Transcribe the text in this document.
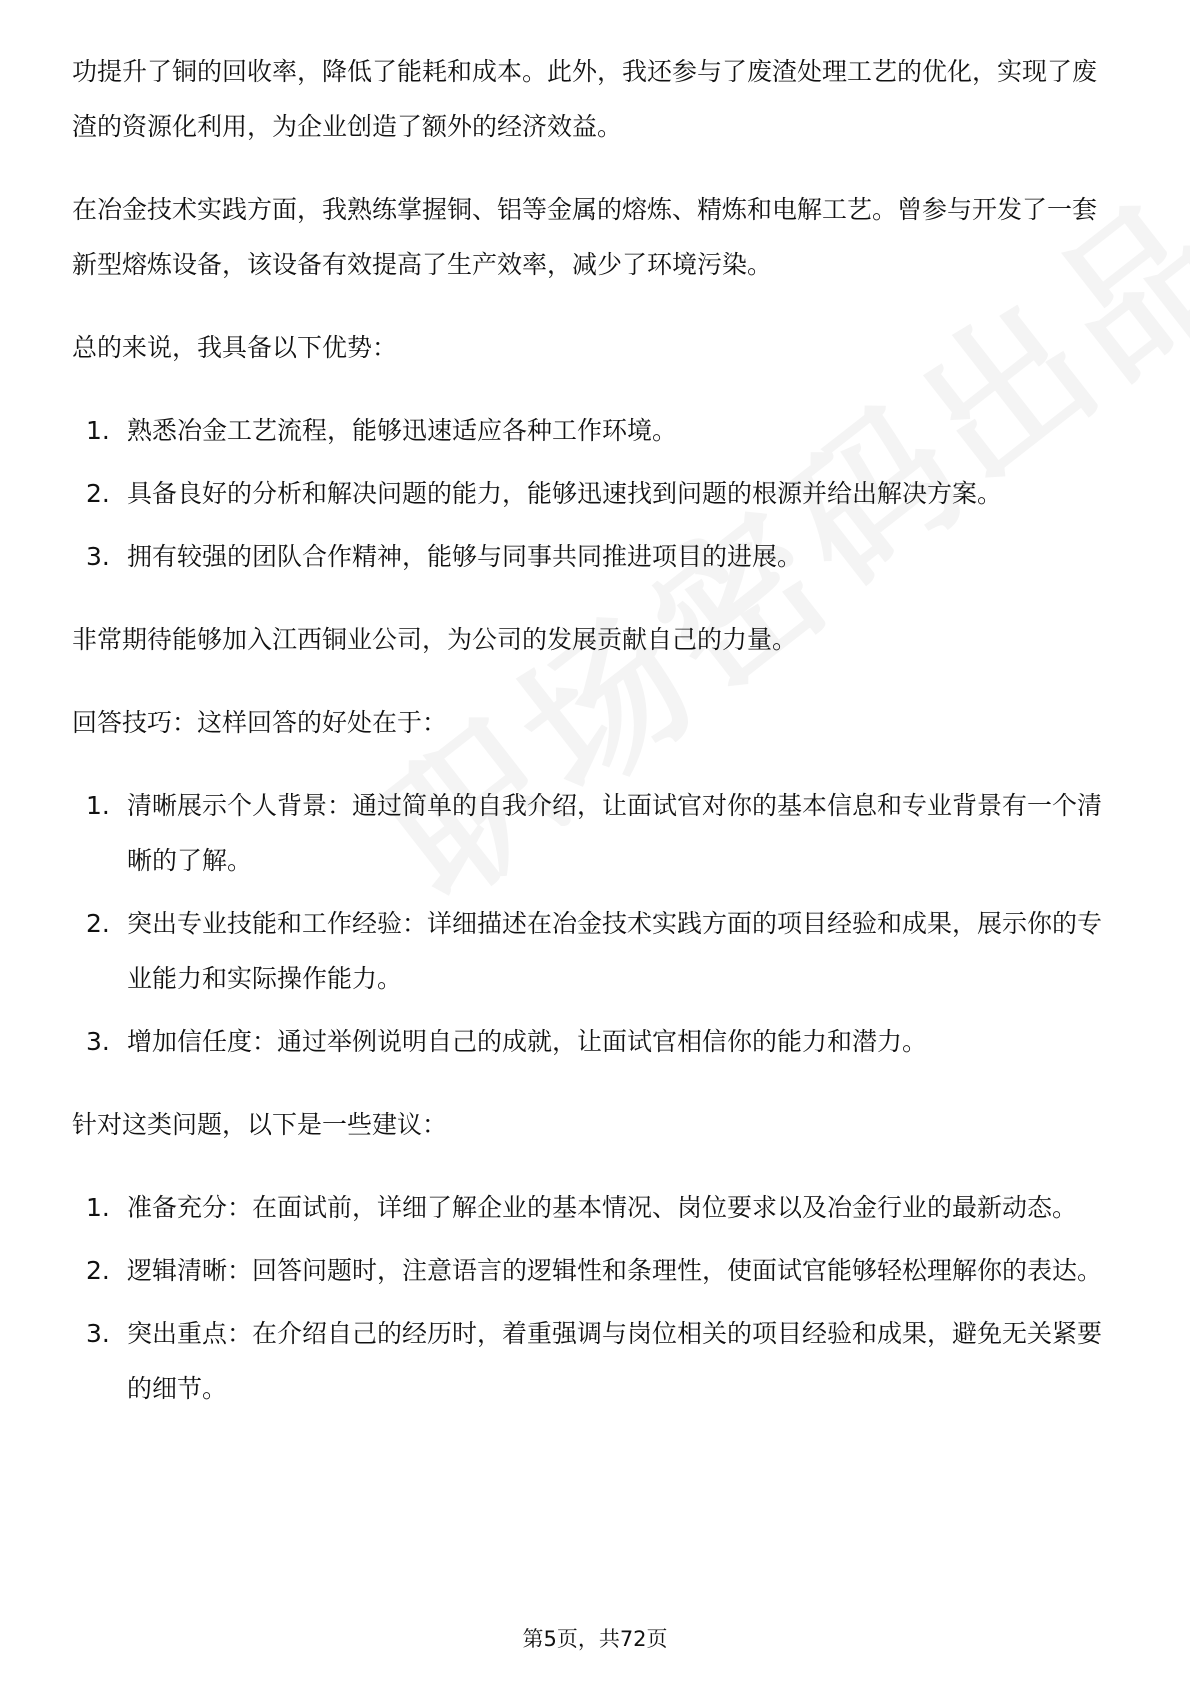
功提升了铜的回收率，降低了能耗和成本。此外，我还参与了废渣处理工艺的优化，实现了废渣的资源化利用，为企业创造了额外的经济效益。

在冶金技术实践方面，我熟练掌握铜、铝等金属的熔炼、精炼和电解工艺。曾参与开发了一套新型熔炼设备，该设备有效提高了生产效率，减少了环境污染。

总的来说，我具备以下优势：

1. 熟悉冶金工艺流程，能够迅速适应各种工作环境。
2. 具备良好的分析和解决问题的能力，能够迅速找到问题的根源并给出解决方案。
3. 拥有较强的团队合作精神，能够与同事共同推进项目的进展。

非常期待能够加入江西铜业公司，为公司的发展贡献自己的力量。

回答技巧：这样回答的好处在于：

1. 清晰展示个人背景：通过简单的自我介绍，让面试官对你的基本信息和专业背景有一个清晰的了解。
2. 突出专业技能和工作经验：详细描述在冶金技术实践方面的项目经验和成果，展示你的专业能力和实际操作能力。
3. 增加信任度：通过举例说明自己的成就，让面试官相信你的能力和潜力。

针对这类问题，以下是一些建议：

1. 准备充分：在面试前，详细了解企业的基本情况、岗位要求以及冶金行业的最新动态。
2. 逻辑清晰：回答问题时，注意语言的逻辑性和条理性，使面试官能够轻松理解你的表达。
3. 突出重点：在介绍自己的经历时，着重强调与岗位相关的项目经验和成果，避免无关紧要的细节。
第5页，共72页
